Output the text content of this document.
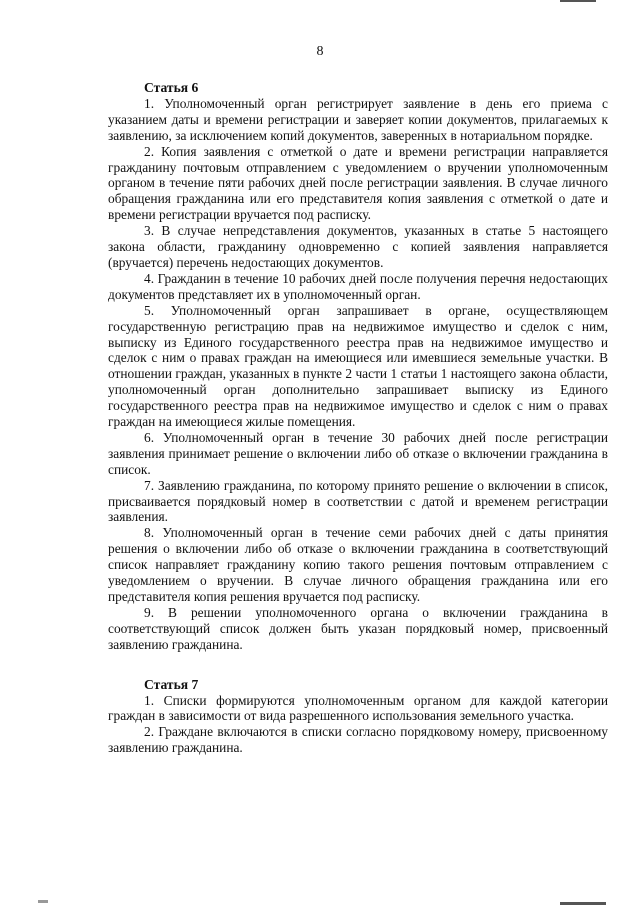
8

Статья 6

1. Уполномоченный орган регистрирует заявление в день его приема с указанием даты и времени регистрации и заверяет копии документов, прилагаемых к заявлению, за исключением копий документов, заверенных в нотариальном порядке.

2. Копия заявления с отметкой о дате и времени регистрации направляется гражданину почтовым отправлением с уведомлением о вручении уполномоченным органом в течение пяти рабочих дней после регистрации заявления. В случае личного обращения гражданина или его представителя копия заявления с отметкой о дате и времени регистрации вручается под расписку.

3. В случае непредставления документов, указанных в статье 5 настоящего закона области, гражданину одновременно с копией заявления направляется (вручается) перечень недостающих документов.

4. Гражданин в течение 10 рабочих дней после получения перечня недостающих документов представляет их в уполномоченный орган.

5. Уполномоченный орган запрашивает в органе, осуществляющем государственную регистрацию прав на недвижимое имущество и сделок с ним, выписку из Единого государственного реестра прав на недвижимое имущество и сделок с ним о правах граждан на имеющиеся или имевшиеся земельные участки. В отношении граждан, указанных в пункте 2 части 1 статьи 1 настоящего закона области, уполномоченный орган дополнительно запрашивает выписку из Единого государственного реестра прав на недвижимое имущество и сделок с ним о правах граждан на имеющиеся жилые помещения.

6. Уполномоченный орган в течение 30 рабочих дней после регистрации заявления принимает решение о включении либо об отказе о включении гражданина в список.

7. Заявлению гражданина, по которому принято решение о включении в список, присваивается порядковый номер в соответствии с датой и временем регистрации заявления.

8. Уполномоченный орган в течение семи рабочих дней с даты принятия решения о включении либо об отказе о включении гражданина в соответствующий список направляет гражданину копию такого решения почтовым отправлением с уведомлением о вручении. В случае личного обращения гражданина или его представителя копия решения вручается под расписку.

9. В решении уполномоченного органа о включении гражданина в соответствующий список должен быть указан порядковый номер, присвоенный заявлению гражданина.

Статья 7

1. Списки формируются уполномоченным органом для каждой категории граждан в зависимости от вида разрешенного использования земельного участка.

2. Граждане включаются в списки согласно порядковому номеру, присвоенному заявлению гражданина.
